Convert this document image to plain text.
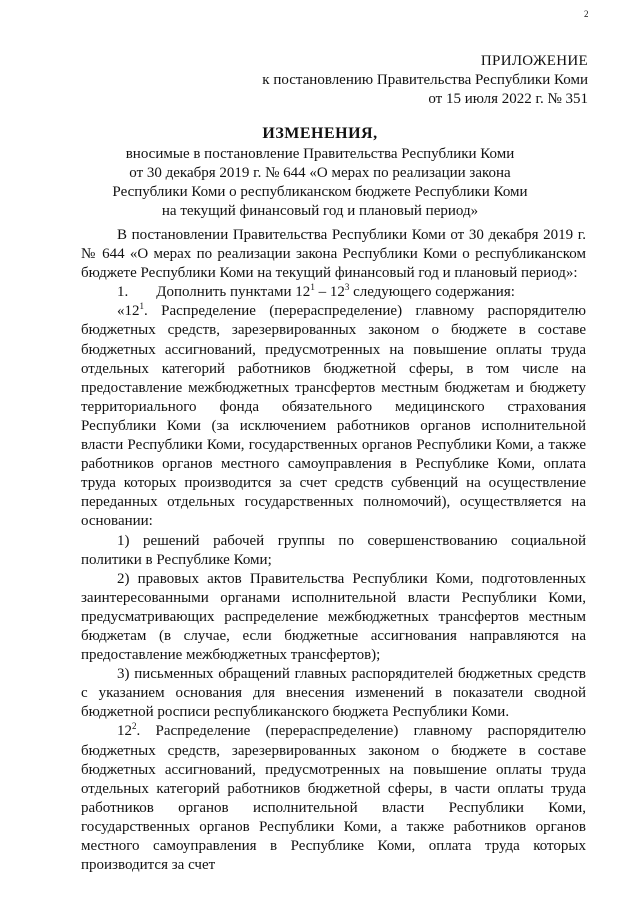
2
ПРИЛОЖЕНИЕ
к постановлению Правительства Республики Коми
от 15 июля 2022 г. № 351
ИЗМЕНЕНИЯ,
вносимые в постановление Правительства Республики Коми
от 30 декабря 2019 г. № 644 «О мерах по реализации закона
Республики Коми о республиканском бюджете Республики Коми
на текущий финансовый год и плановый период»

В постановлении Правительства Республики Коми от 30 декабря 2019 г. № 644 «О мерах по реализации закона Республики Коми о республиканском бюджете Республики Коми на текущий финансовый год и плановый период»:

1. Дополнить пунктами $12^1 - 12^3$ следующего содержания:

«$12^1$. Распределение (перераспределение) главному распорядителю бюджетных средств, зарезервированных законом о бюджете в составе бюджетных ассигнований, предусмотренных на повышение оплаты труда отдельных категорий работников бюджетной сферы, в том числе на предоставление межбюджетных трансфертов местным бюджетам и бюджету территориального фонда обязательного медицинского страхования Республики Коми (за исключением работников органов исполнительной власти Республики Коми, государственных органов Республики Коми, а также работников органов местного самоуправления в Республике Коми, оплата труда которых производится за счет средств субвенций на осуществление переданных отдельных государственных полномочий), осуществляется на основании:

1) решений рабочей группы по совершенствованию социальной политики в Республике Коми;

2) правовых актов Правительства Республики Коми, подготовленных заинтересованными органами исполнительной власти Республики Коми, предусматривающих распределение межбюджетных трансфертов местным бюджетам (в случае, если бюджетные ассигнования направляются на предоставление межбюджетных трансфертов);

3) письменных обращений главных распорядителей бюджетных средств с указанием основания для внесения изменений в показатели сводной бюджетной росписи республиканского бюджета Республики Коми.

$12^2$. Распределение (перераспределение) главному распорядителю бюджетных средств, зарезервированных законом о бюджете в составе бюджетных ассигнований, предусмотренных на повышение оплаты труда отдельных категорий работников бюджетной сферы, в части оплаты труда работников органов исполнительной власти Республики Коми, государственных органов Республики Коми, а также работников органов местного самоуправления в Республике Коми, оплата труда которых производится за счет
